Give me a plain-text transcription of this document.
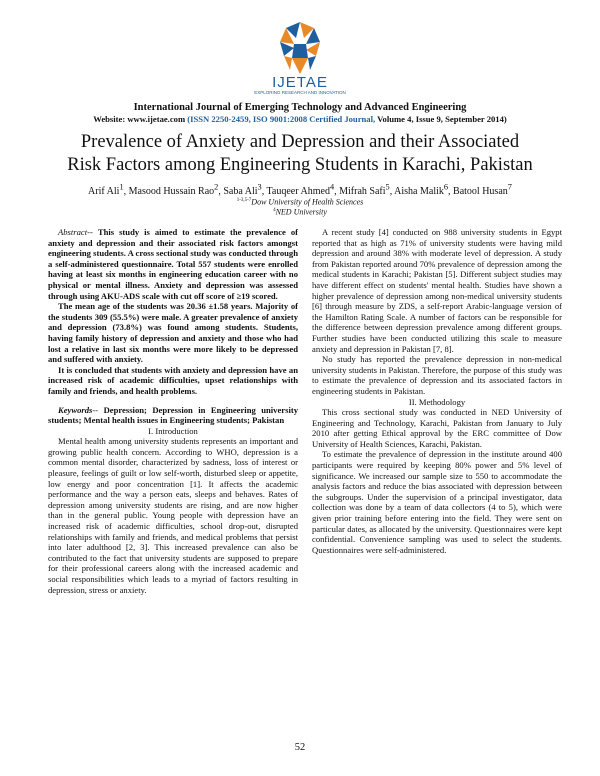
IJETAE
EXPLORING RESEARCH AND INNOVATION
International Journal of Emerging Technology and Advanced Engineering
Website: www.ijetae.com (ISSN 2250-2459, ISO 9001:2008 Certified Journal, Volume 4, Issue 9, September 2014)
Prevalence of Anxiety and Depression and their Associated
Risk Factors among Engineering Students in Karachi, Pakistan
Arif Ali$^1$, Masood Hussain Rao$^2$, Saba Ali$^3$, Tauqeer Ahmed$^4$, Mifrah Safi$^5$, Aisha Malik$^6$, Batool Husan$^7$
$^{1-3,5-7}$Dow University of Health Sciences
$^4$NED University

Abstract-- This study is aimed to estimate the prevalence of anxiety and depression and their associated risk factors amongst engineering students. A cross sectional study was conducted through a self-administered questionnaire. Total 557 students were enrolled having at least six months in engineering education career with no physical or mental illness. Anxiety and depression was assessed through using AKU-ADS scale with cut off score of ≥19 scored.

The mean age of the students was 20.36 ±1.58 years. Majority of the students 309 (55.5%) were male. A greater prevalence of anxiety and depression (73.8%) was found among students. Students, having family history of depression and anxiety and those who had lost a relative in last six months were more likely to be depressed and suffered with anxiety.

It is concluded that students with anxiety and depression have an increased risk of academic difficulties, upset relationships with family and friends, and health problems.

Keywords-- Depression; Depression in Engineering university students; Mental health issues in Engineering students; Pakistan

I. Introduction

Mental health among university students represents an important and growing public health concern. According to WHO, depression is a common mental disorder, characterized by sadness, loss of interest or pleasure, feelings of guilt or low self-worth, disturbed sleep or appetite, low energy and poor concentration [1]. It affects the academic performance and the way a person eats, sleeps and behaves. Rates of depression among university students are rising, and are now higher than in the general public. Young people with depression have an increased risk of academic difficulties, school drop-out, disrupted relationships with family and friends, and medical problems that persist into later adulthood [2, 3]. This increased prevalence can also be contributed to the fact that university students are supposed to prepare for their professional careers along with the increased academic and social responsibilities which leads to a myriad of factors resulting in depression, stress or anxiety.

A recent study [4] conducted on 988 university students in Egypt reported that as high as 71% of university students were having mild depression and around 38% with moderate level of depression. A study from Pakistan reported around 70% prevalence of depression among the medical students in Karachi; Pakistan [5]. Different subject studies may have different effect on students' mental health. Studies have shown a higher prevalence of depression among non-medical university students [6] through measure by ZDS, a self-report Arabic-language version of the Hamilton Rating Scale. A number of factors can be responsible for the difference between depression prevalence among different groups. Further studies have been conducted utilizing this scale to measure anxiety and depression in Pakistan [7, 8].

No study has reported the prevalence depression in non-medical university students in Pakistan. Therefore, the purpose of this study was to estimate the prevalence of depression and its associated factors in engineering students in Pakistan.

II. Methodology

This cross sectional study was conducted in NED University of Engineering and Technology, Karachi, Pakistan from January to July 2010 after getting Ethical approval by the ERC committee of Dow University of Health Sciences, Karachi, Pakistan.

To estimate the prevalence of depression in the institute around 400 participants were required by keeping 80% power and 5% level of significance. We increased our sample size to 550 to accommodate the analysis factors and reduce the bias associated with depression between the subgroups. Under the supervision of a principal investigator, data collection was done by a team of data collectors (4 to 5), which were given prior training before entering into the field. They were sent on particular dates, as allocated by the university. Questionnaires were kept confidential. Convenience sampling was used to select the students. Questionnaires were self-administered.

52
